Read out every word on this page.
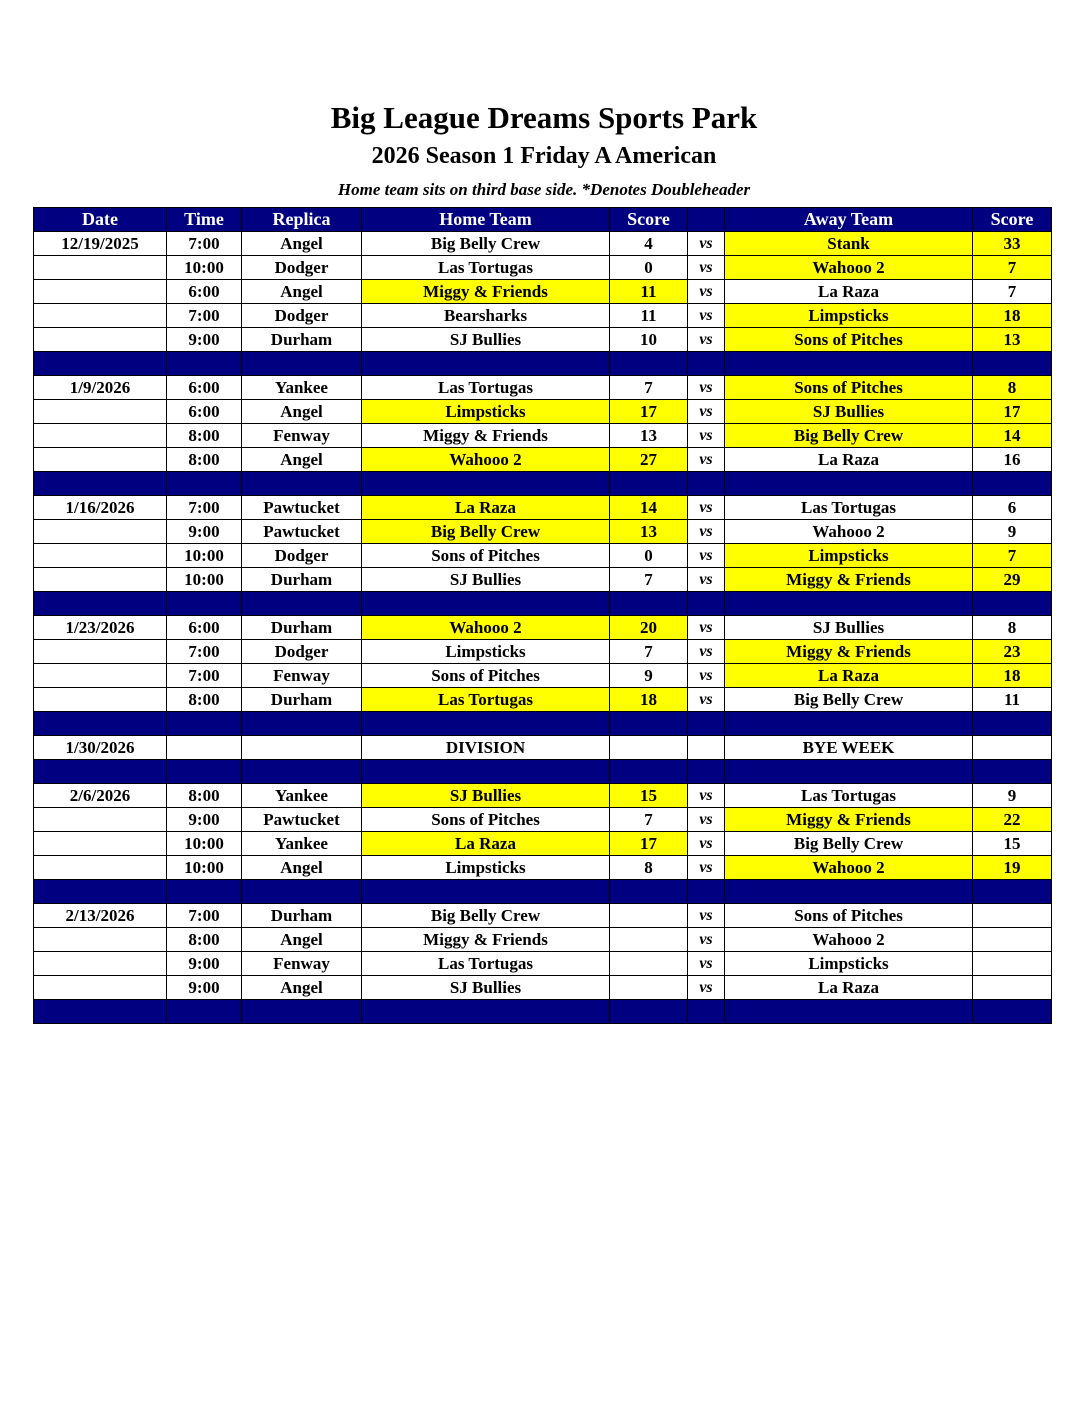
Big League Dreams Sports Park
2026 Season 1 Friday A American
Home team sits on third base side. *Denotes Doubleheader
Date	Time	Replica	Home Team	Score		Away Team	Score
12/19/2025	7:00	Angel	Big Belly Crew	4	vs	Stank	33
	10:00	Dodger	Las Tortugas	0	vs	Wahooo 2	7
	6:00	Angel	Miggy & Friends	11	vs	La Raza	7
	7:00	Dodger	Bearsharks	11	vs	Limpsticks	18
	9:00	Durham	SJ Bullies	10	vs	Sons of Pitches	13

1/9/2026	6:00	Yankee	Las Tortugas	7	vs	Sons of Pitches	8
	6:00	Angel	Limpsticks	17	vs	SJ Bullies	17
	8:00	Fenway	Miggy & Friends	13	vs	Big Belly Crew	14
	8:00	Angel	Wahooo 2	27	vs	La Raza	16

1/16/2026	7:00	Pawtucket	La Raza	14	vs	Las Tortugas	6
	9:00	Pawtucket	Big Belly Crew	13	vs	Wahooo 2	9
	10:00	Dodger	Sons of Pitches	0	vs	Limpsticks	7
	10:00	Durham	SJ Bullies	7	vs	Miggy & Friends	29

1/23/2026	6:00	Durham	Wahooo 2	20	vs	SJ Bullies	8
	7:00	Dodger	Limpsticks	7	vs	Miggy & Friends	23
	7:00	Fenway	Sons of Pitches	9	vs	La Raza	18
	8:00	Durham	Las Tortugas	18	vs	Big Belly Crew	11

1/30/2026			DIVISION			BYE WEEK	

2/6/2026	8:00	Yankee	SJ Bullies	15	vs	Las Tortugas	9
	9:00	Pawtucket	Sons of Pitches	7	vs	Miggy & Friends	22
	10:00	Yankee	La Raza	17	vs	Big Belly Crew	15
	10:00	Angel	Limpsticks	8	vs	Wahooo 2	19

2/13/2026	7:00	Durham	Big Belly Crew		vs	Sons of Pitches	
	8:00	Angel	Miggy & Friends		vs	Wahooo 2	
	9:00	Fenway	Las Tortugas		vs	Limpsticks	
	9:00	Angel	SJ Bullies		vs	La Raza	
